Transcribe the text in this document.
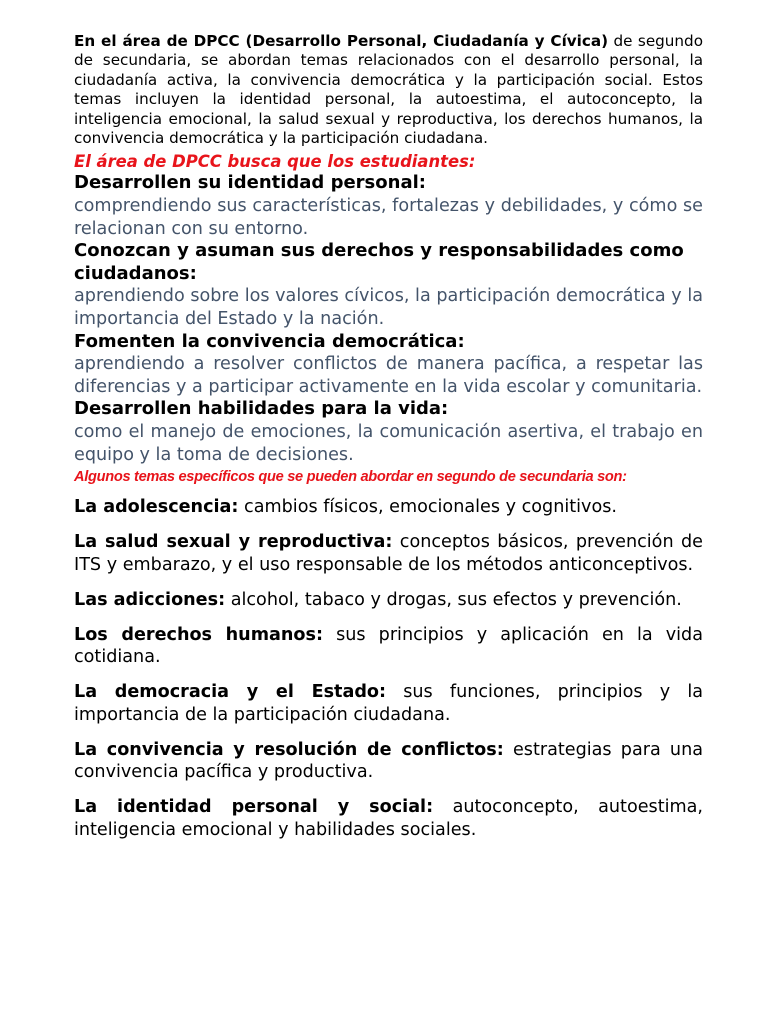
En el área de DPCC (Desarrollo Personal, Ciudadanía y Cívica) de segundo de secundaria, se abordan temas relacionados con el desarrollo personal, la ciudadanía activa, la convivencia democrática y la participación social. Estos temas incluyen la identidad personal, la autoestima, el autoconcepto, la inteligencia emocional, la salud sexual y reproductiva, los derechos humanos, la convivencia democrática y la participación ciudadana.

El área de DPCC busca que los estudiantes:

Desarrollen su identidad personal:

comprendiendo sus características, fortalezas y debilidades, y cómo se relacionan con su entorno.

Conozcan y asuman sus derechos y responsabilidades como ciudadanos:

aprendiendo sobre los valores cívicos, la participación democrática y la importancia del Estado y la nación.

Fomenten la convivencia democrática:

aprendiendo a resolver conflictos de manera pacífica, a respetar las diferencias y a participar activamente en la vida escolar y comunitaria.

Desarrollen habilidades para la vida:

como el manejo de emociones, la comunicación asertiva, el trabajo en equipo y la toma de decisiones.

Algunos temas específicos que se pueden abordar en segundo de secundaria son:

La adolescencia: cambios físicos, emocionales y cognitivos.

La salud sexual y reproductiva: conceptos básicos, prevención de ITS y embarazo, y el uso responsable de los métodos anticonceptivos.

Las adicciones: alcohol, tabaco y drogas, sus efectos y prevención.

Los derechos humanos: sus principios y aplicación en la vida cotidiana.

La democracia y el Estado: sus funciones, principios y la importancia de la participación ciudadana.

La convivencia y resolución de conflictos: estrategias para una convivencia pacífica y productiva.

La identidad personal y social: autoconcepto, autoestima, inteligencia emocional y habilidades sociales.
